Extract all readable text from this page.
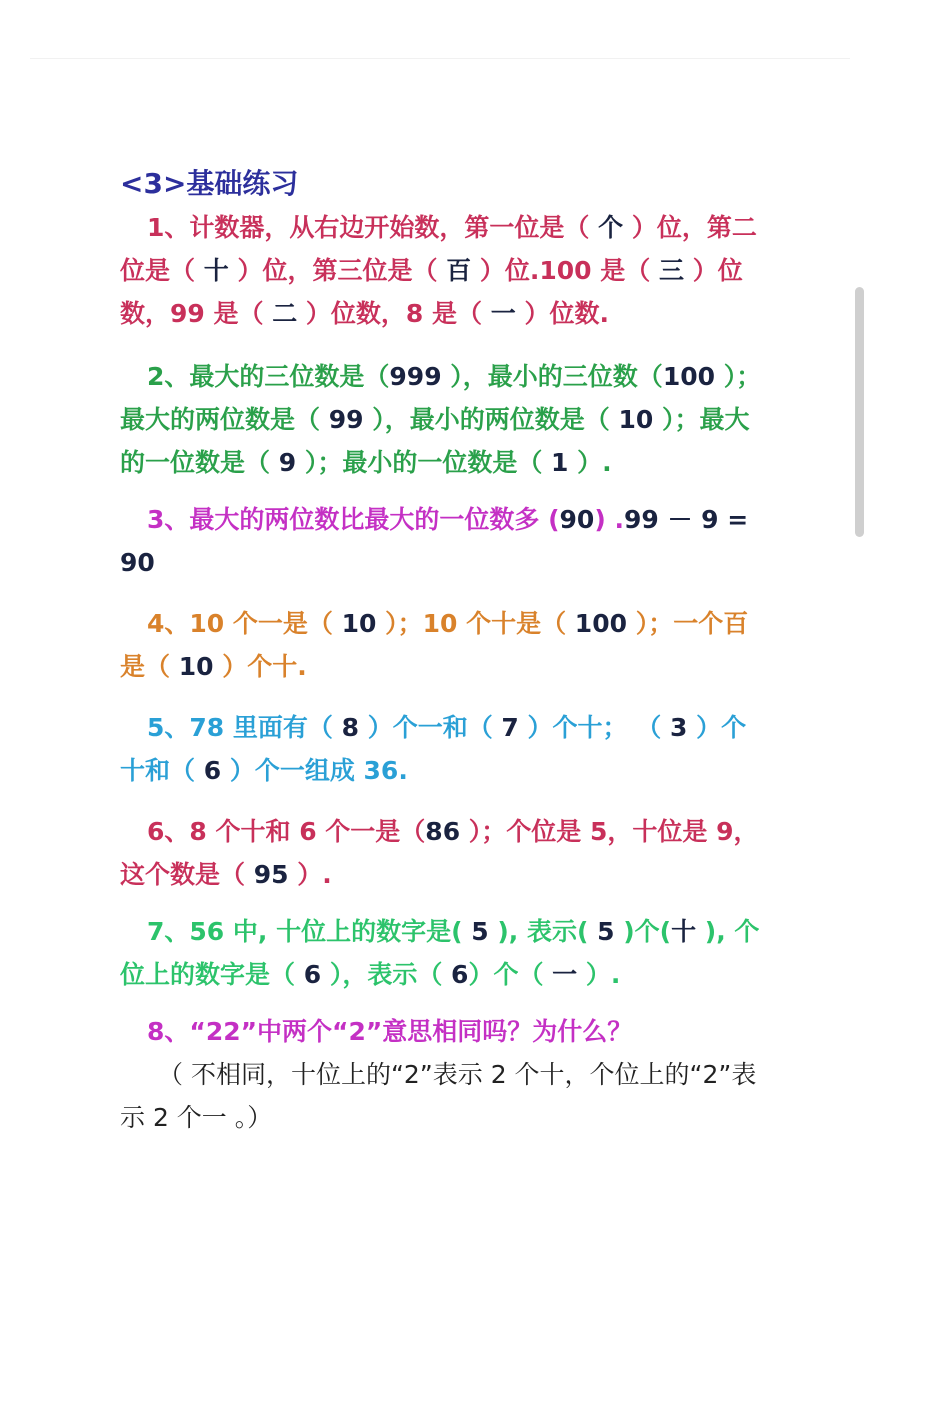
<3>基础练习
1、计数器，从右边开始数，第一位是（ 个 ）位，第二位是（ 十 ）位，第三位是（ 百 ）位.100 是（ 三 ）位数，99 是（ 二 ）位数，8 是（ 一 ）位数.
2、最大的三位数是（999 ），最小的三位数（100 ）；最大的两位数是（ 99 ），最小的两位数是（ 10 ）；最大的一位数是（ 9 ）；最小的一位数是（ 1 ）.
3、最大的两位数比最大的一位数多 (90) .99 － 9 = 90
4、10 个一是（ 10 ）；10 个十是（ 100 ）；一个百是（ 10 ）个十.
5、78 里面有（ 8 ）个一和（ 7 ）个十； （ 3 ）个十和（ 6 ）个一组成 36.
6、8 个十和 6 个一是（86 ）；个位是 5，十位是 9，这个数是（ 95 ）.
7、56 中, 十位上的数字是( 5 ), 表示( 5 )个(十 ), 个位上的数字是（ 6 ），表示（ 6）个（ 一 ）.
8、“22”中两个“2”意思相同吗？为什么？
（ 不相同，十位上的“2”表示 2 个十，个位上的“2”表示 2 个一 。）
